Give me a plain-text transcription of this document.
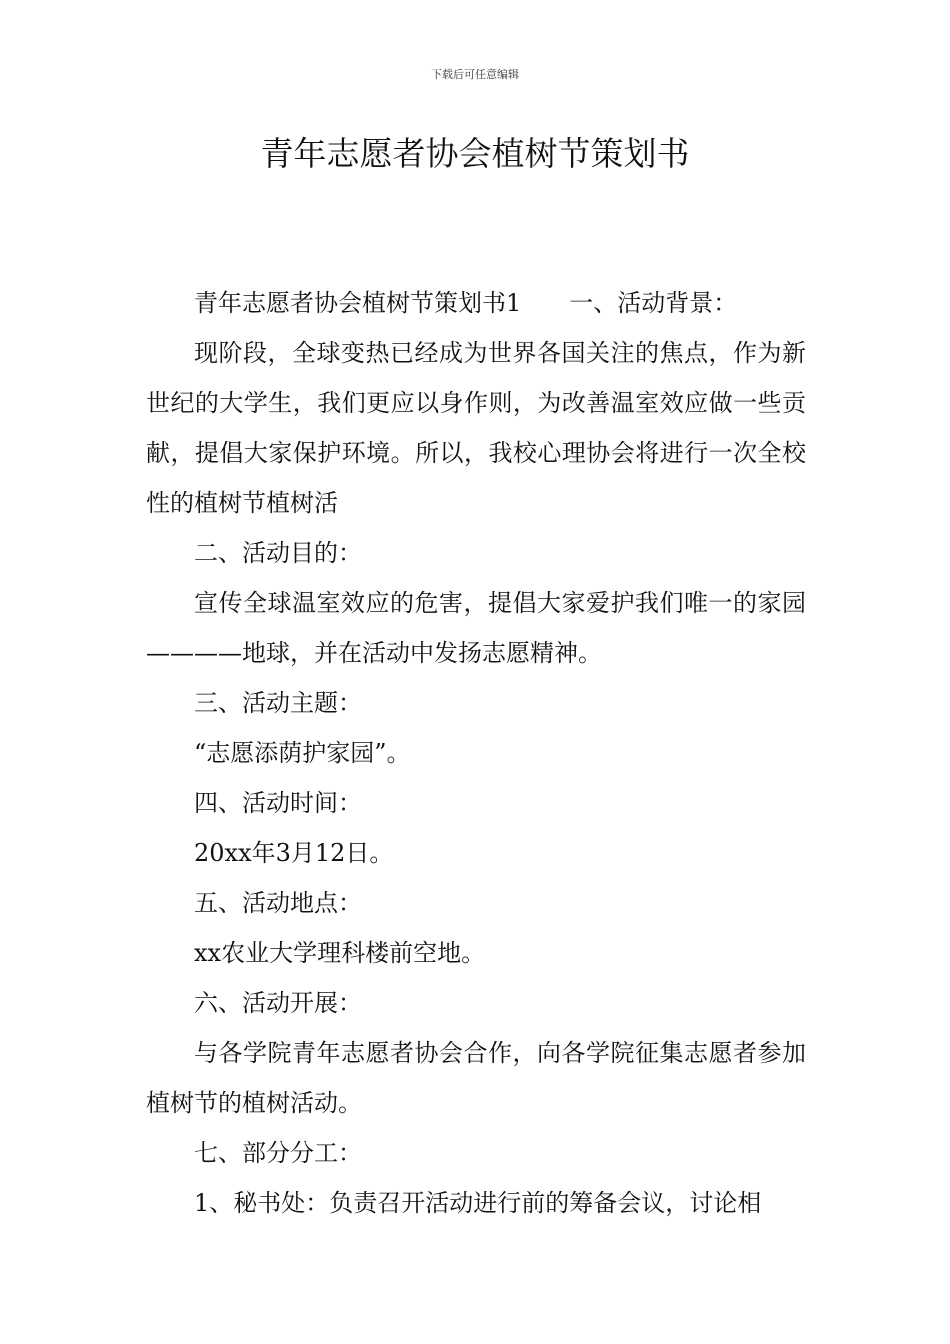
下载后可任意编辑
青年志愿者协会植树节策划书

青年志愿者协会植树节策划书1　　一、活动背景：

现阶段，全球变热已经成为世界各国关注的焦点，作为新世纪的大学生，我们更应以身作则，为改善温室效应做一些贡献，提倡大家保护环境。所以，我校心理协会将进行一次全校性的植树节植树活

二、活动目的：

宣传全球温室效应的危害，提倡大家爱护我们唯一的家园————地球，并在活动中发扬志愿精神。

三、活动主题：

“志愿添荫护家园”。

四、活动时间：

20xx年3月12日。

五、活动地点：

xx农业大学理科楼前空地。

六、活动开展：

与各学院青年志愿者协会合作，向各学院征集志愿者参加植树节的植树活动。

七、部分分工：

1、秘书处：负责召开活动进行前的筹备会议，讨论相
